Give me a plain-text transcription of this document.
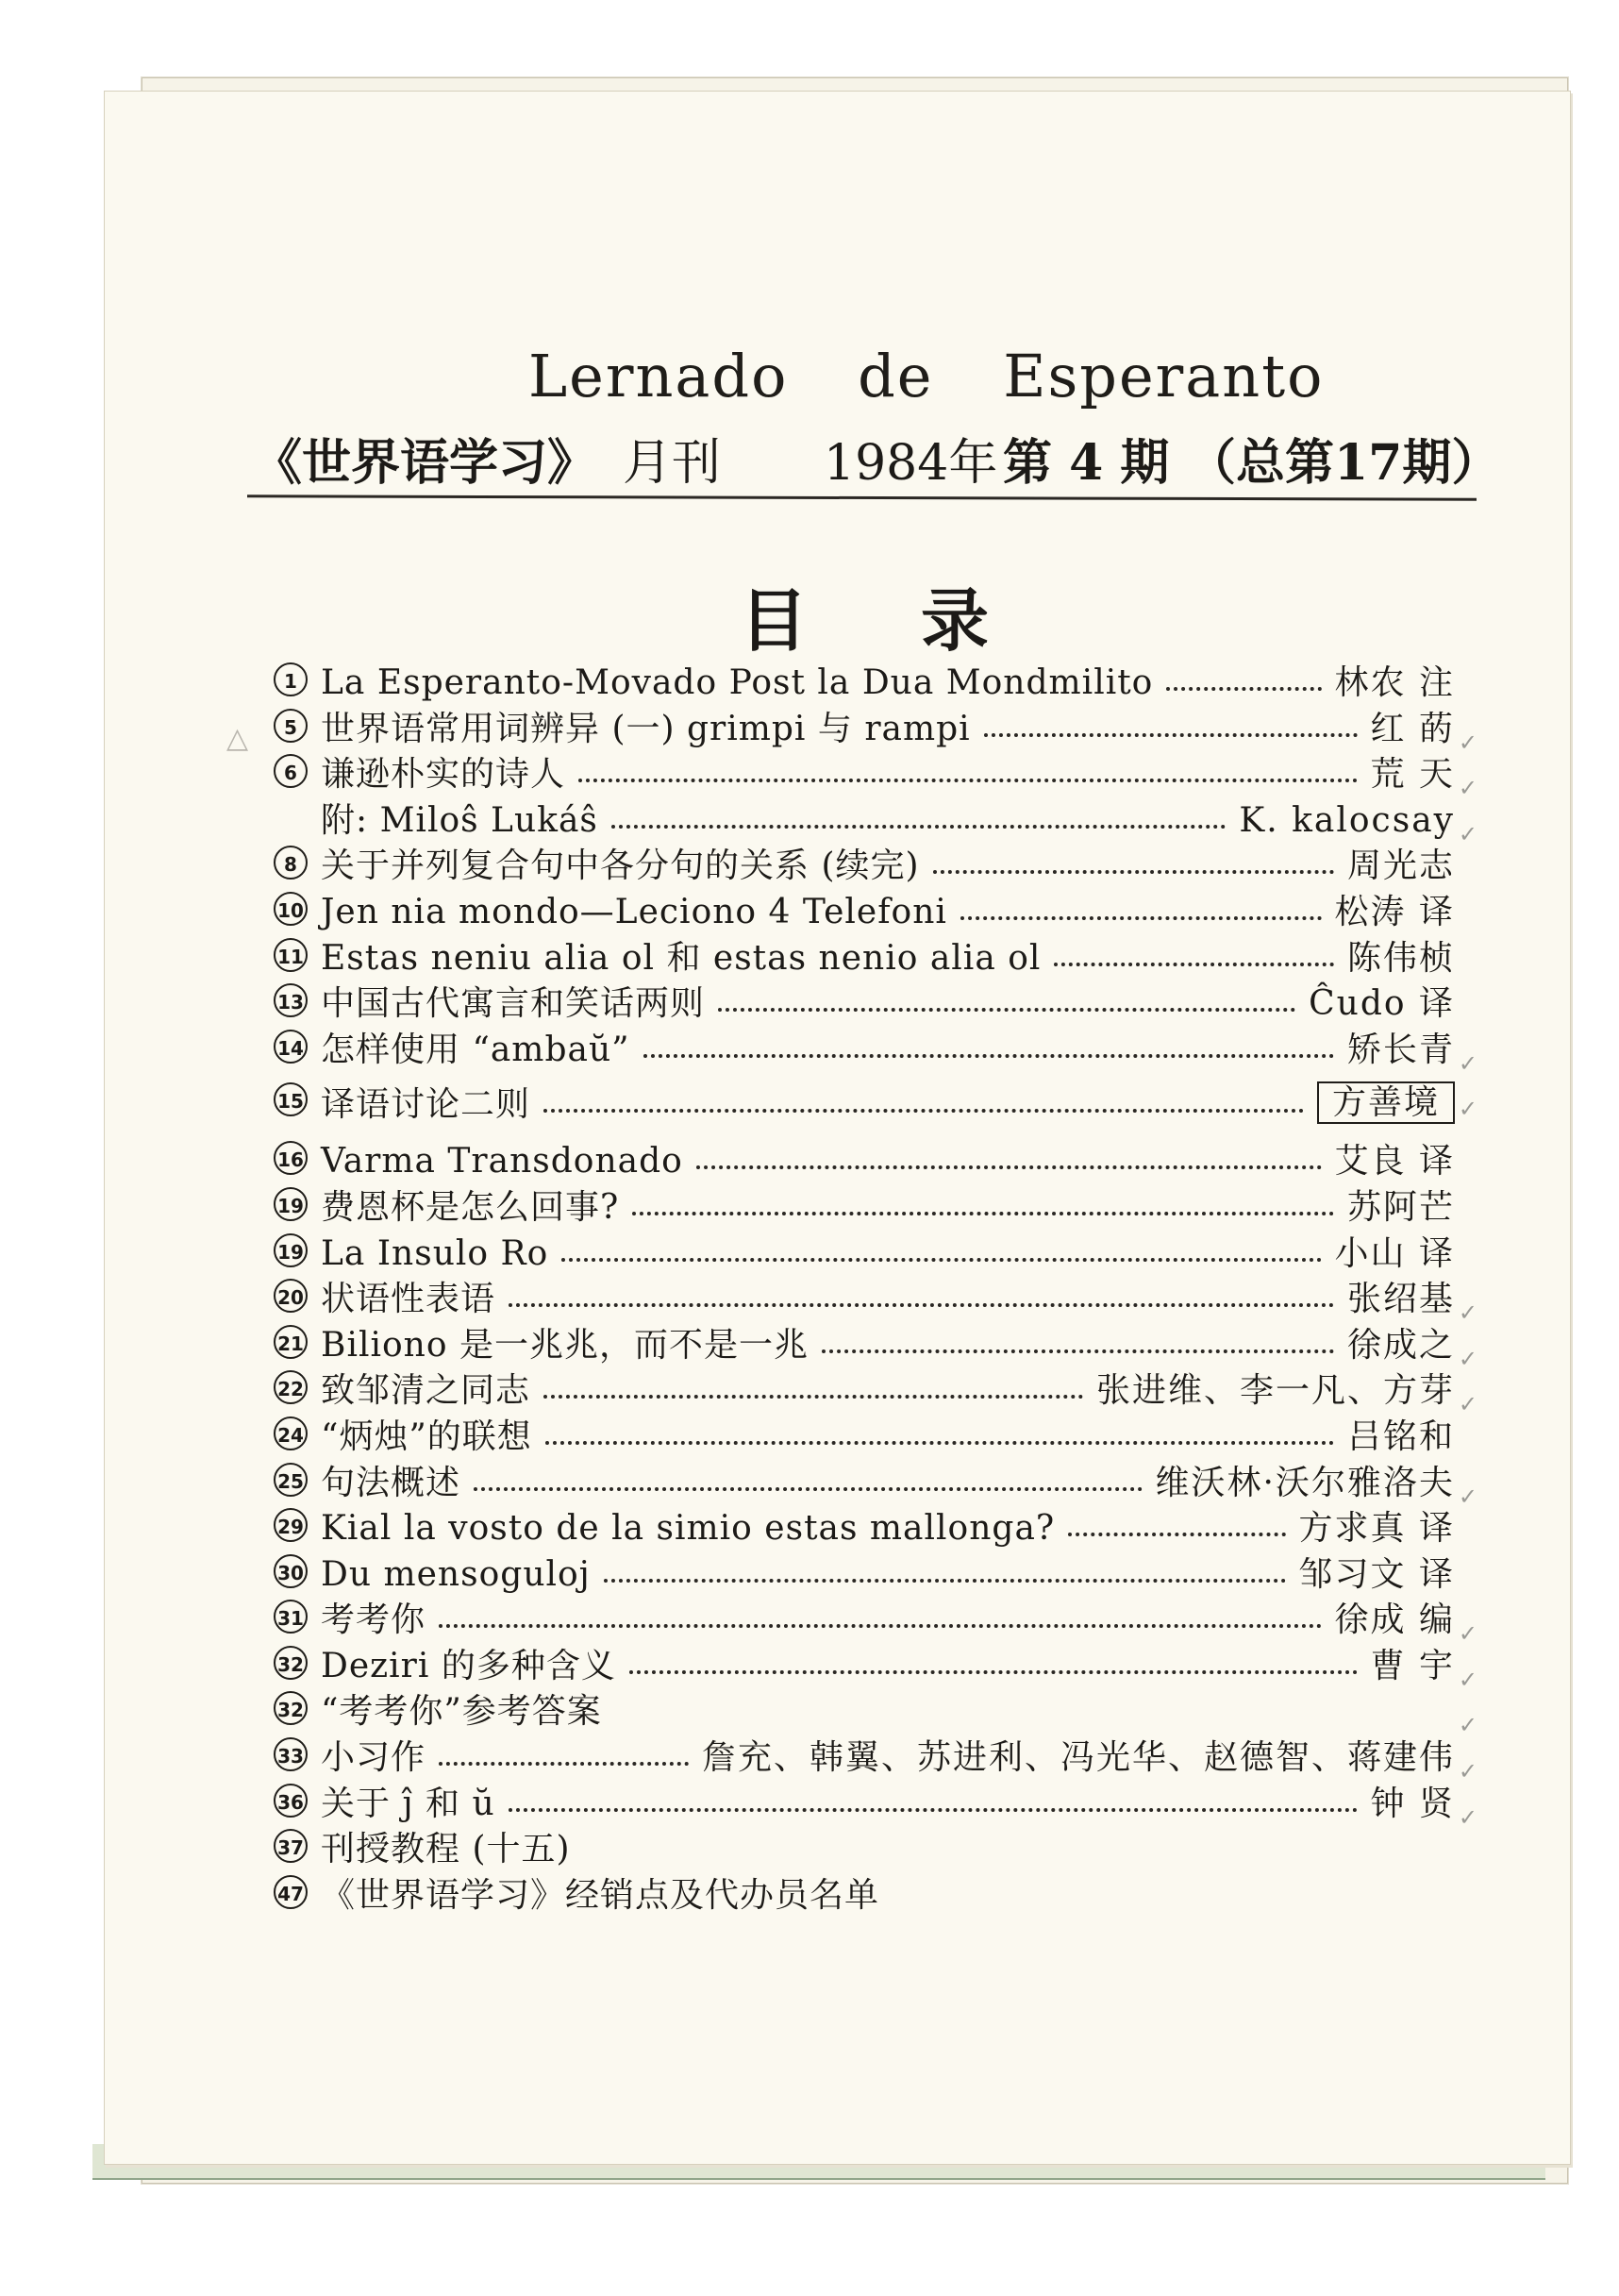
Lernado de Esperanto
《世界语学习》 月刊 1984年 第 4 期 （总第17期）
目录
△
1 La Esperanto-Movado Post la Dua Mondmilito	林农 注
5 世界语常用词辨异 (一) grimpi 与 rampi	红 菂 ✓
6 谦逊朴实的诗人	荒 天 ✓
附: Miloŝ Lukáŝ	K. kalocsay ✓
8 关于并列复合句中各分句的关系 (续完)	周光志
10 Jen nia mondo—Leciono 4 Telefoni	松涛 译
11 Estas neniu alia ol 和 estas nenio alia ol	陈伟桢
13 中国古代寓言和笑话两则	Ĉudo 译
14 怎样使用 “ambaŭ”	矫长青 ✓
15 译语讨论二则	方善境 ✓
16 Varma Transdonado	艾良 译
19 费恩杯是怎么回事?	苏阿芒
19 La Insulo Ro	小山 译
20 状语性表语	张绍基 ✓
21 Biliono 是一兆兆，而不是一兆	徐成之 ✓
22 致邹清之同志	张进维、李一凡、方芽 ✓
24 “炳烛”的联想	吕铭和
25 句法概述	维沃林·沃尔雅洛夫 ✓
29 Kial la vosto de la simio estas mallonga?	方求真 译
30 Du mensoguloj	邹习文 译
31 考考你	徐成 编 ✓
32 Deziri 的多种含义	曹 宇 ✓
32 “考考你”参考答案	✓
33 小习作	詹充、韩翼、苏进利、冯光华、赵德智、蒋建伟 ✓
36 关于 ĵ 和 ŭ	钟 贤 ✓
37 刊授教程 (十五)
47 《世界语学习》经销点及代办员名单
